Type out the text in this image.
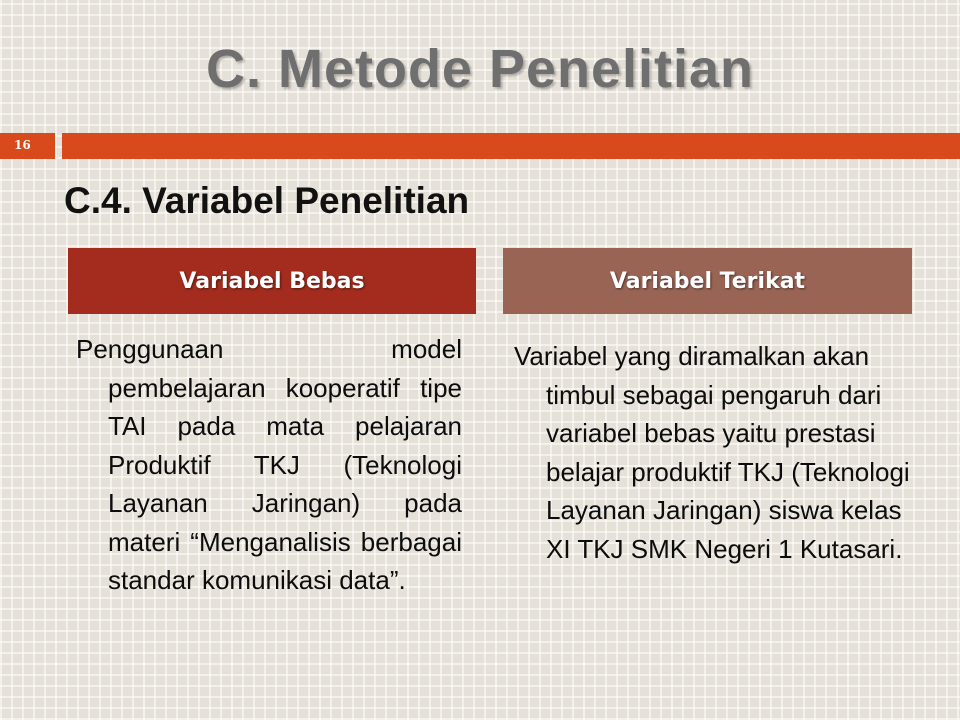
C. Metode Penelitian
16
C.4. Variabel Penelitian
Variabel Bebas	Variabel Terikat

Penggunaan model pembelajaran kooperatif tipe TAI pada mata pelajaran Produktif TKJ (Teknologi Layanan Jaringan) pada materi “Menganalisis berbagai standar komunikasi data”.

Variabel yang diramalkan akan timbul sebagai pengaruh dari variabel bebas yaitu prestasi belajar produktif TKJ (Teknologi Layanan Jaringan) siswa kelas XI TKJ SMK Negeri 1 Kutasari.
